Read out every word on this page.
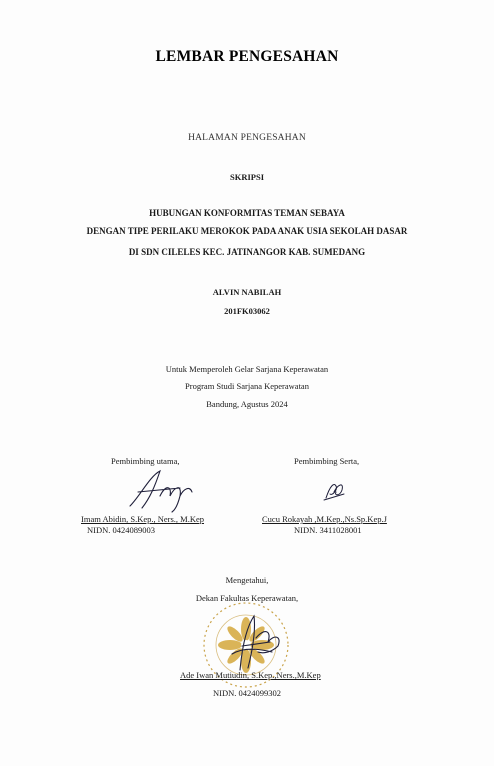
LEMBAR PENGESAHAN
HALAMAN PENGESAHAN
SKRIPSI
HUBUNGAN KONFORMITAS TEMAN SEBAYA
DENGAN TIPE PERILAKU MEROKOK PADA ANAK USIA SEKOLAH DASAR
DI SDN CILELES KEC. JATINANGOR KAB. SUMEDANG
ALVIN NABILAH
201FK03062
Untuk Memperoleh Gelar Sarjana Keperawatan
Program Studi Sarjana Keperawatan
Bandung, Agustus 2024
Pembimbing utama,
Imam Abidin, S.Kep., Ners., M.Kep
NIDN. 0424089003
Pembimbing Serta,
Cucu Rokayah ,M.Kep.,Ns.Sp.Kep.J
NIDN. 3411028001
Mengetahui,
Dekan Fakultas Keperawatan,
Ade Iwan Mutiudin, S.Kep.,Ners.,M.Kep
NIDN. 0424099302
